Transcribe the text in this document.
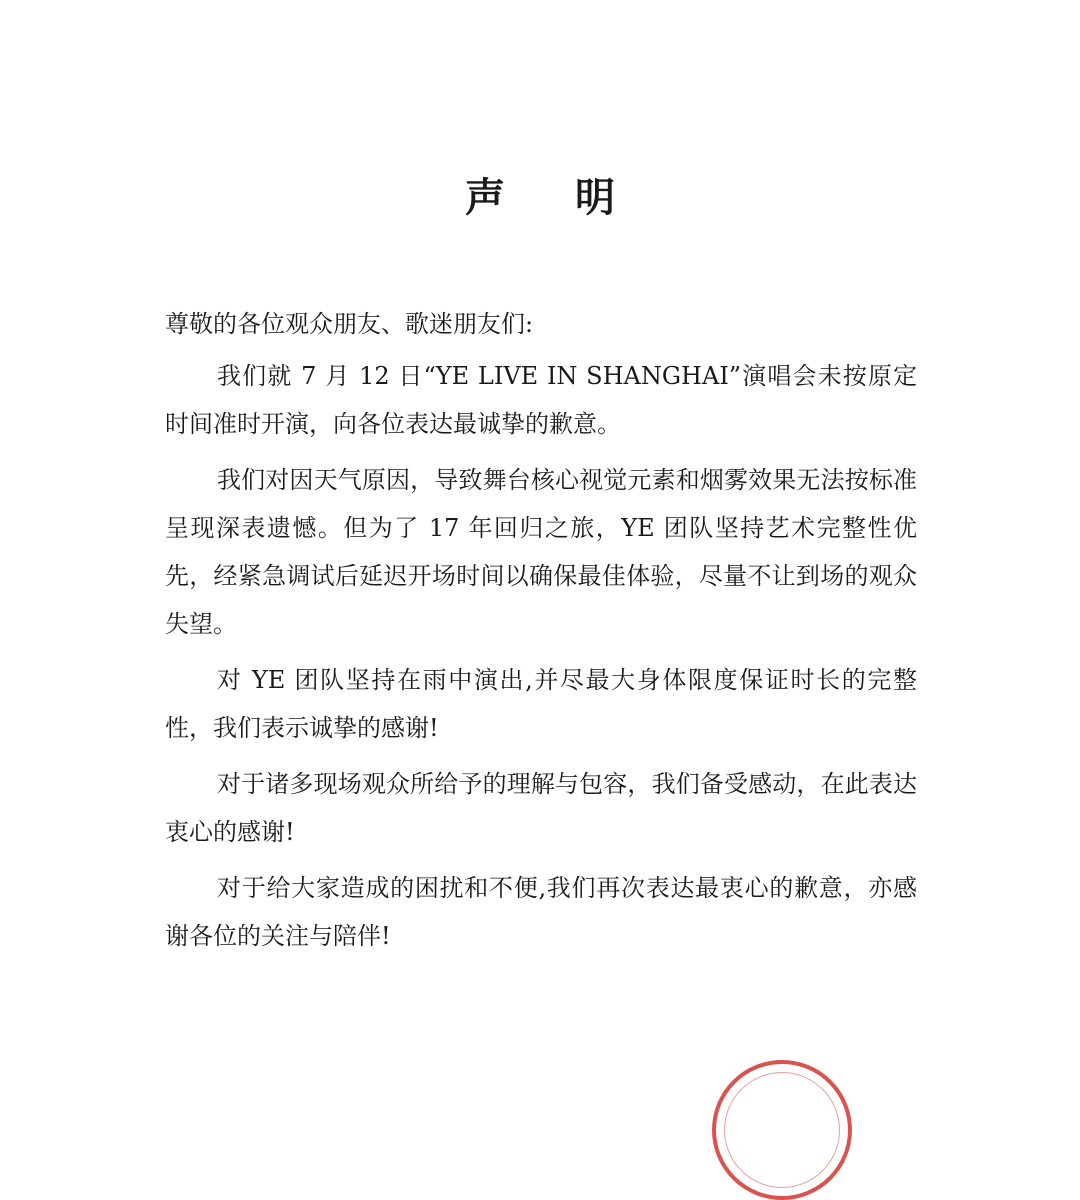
声 明

尊敬的各位观众朋友、歌迷朋友们:

我们就 7 月 12 日“YE LIVE IN SHANGHAI”演唱会未按原定时间准时开演，向各位表达最诚挚的歉意。

我们对因天气原因，导致舞台核心视觉元素和烟雾效果无法按标准呈现深表遗憾。但为了 17 年回归之旅，YE 团队坚持艺术完整性优先，经紧急调试后延迟开场时间以确保最佳体验，尽量不让到场的观众失望。

对 YE 团队坚持在雨中演出,并尽最大身体限度保证时长的完整性，我们表示诚挚的感谢!

对于诸多现场观众所给予的理解与包容，我们备受感动，在此表达衷心的感谢!

对于给大家造成的困扰和不便,我们再次表达最衷心的歉意，亦感谢各位的关注与陪伴!
